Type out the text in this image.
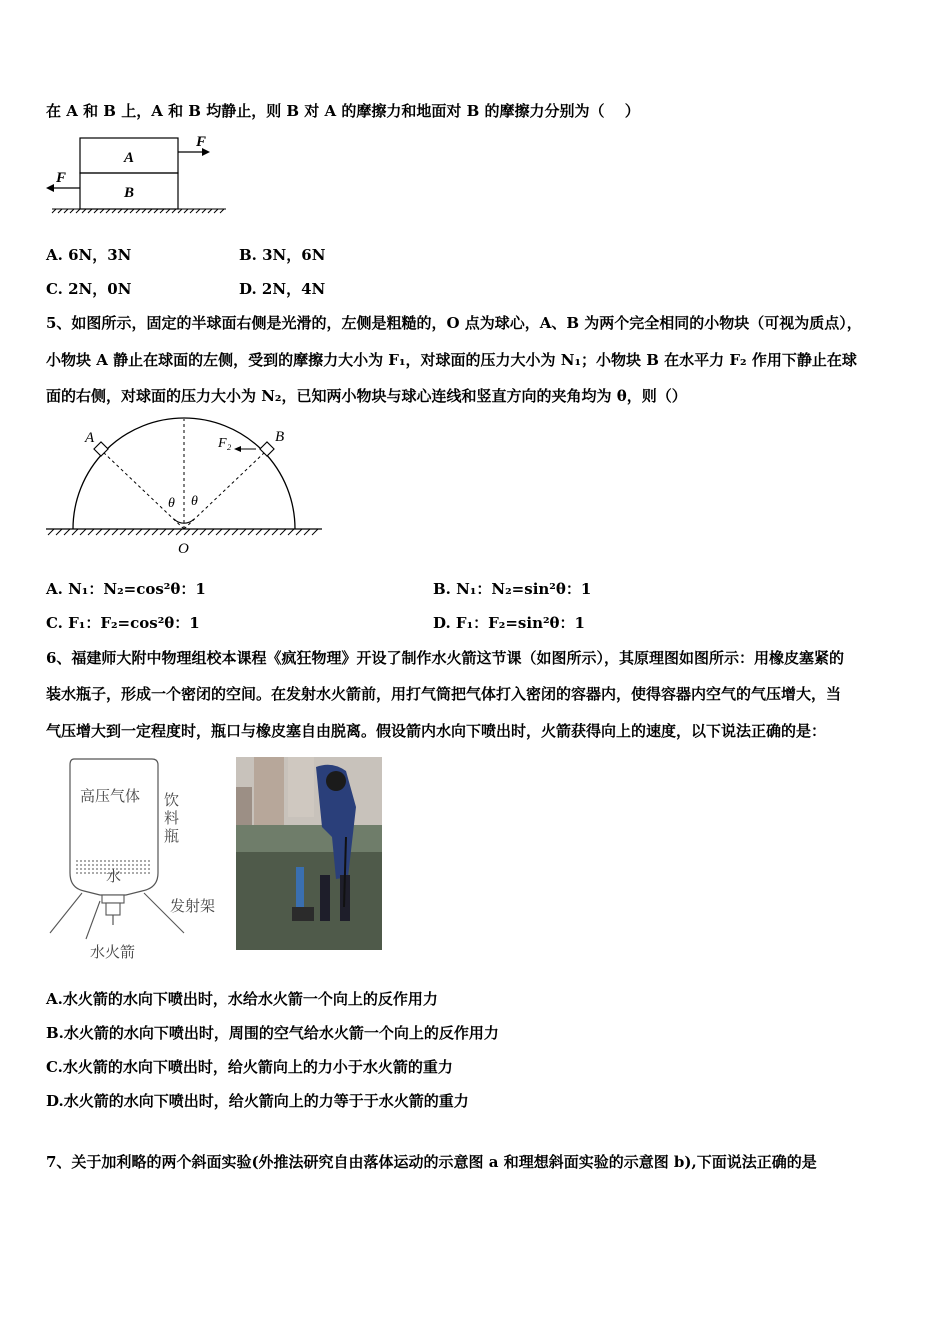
在 A 和 B 上，A 和 B 均静止，则 B 对 A 的摩擦力和地面对 B 的摩擦力分别为（　 ）
A
B
F
F
A. 6N，3N	B. 3N，6N
C. 2N，0N	D. 2N，4N
5、如图所示，固定的半球面右侧是光滑的，左侧是粗糙的，O 点为球心，A、B 为两个完全相同的小物块（可视为质点），
小物块 A 静止在球面的左侧，受到的摩擦力大小为 F₁，对球面的压力大小为 N₁；小物块 B 在水平力 F₂ 作用下静止在球
面的右侧，对球面的压力大小为 N₂，已知两小物块与球心连线和竖直方向的夹角均为 θ，则（）
A	B
F₂
θ θ
O
A. N₁：N₂=cos²θ：1	B. N₁：N₂=sin²θ：1
C. F₁：F₂=cos²θ：1	D. F₁：F₂=sin²θ：1
6、福建师大附中物理组校本课程《疯狂物理》开设了制作水火箭这节课（如图所示），其原理图如图所示：用橡皮塞紧的
装水瓶子，形成一个密闭的空间。在发射水火箭前，用打气筒把气体打入密闭的容器内，使得容器内空气的气压增大，当
气压增大到一定程度时，瓶口与橡皮塞自由脱离。假设箭内水向下喷出时，火箭获得向上的速度，以下说法正确的是：
高压气体
水
饮
料
瓶
发射架
水火箭
A.水火箭的水向下喷出时，水给水火箭一个向上的反作用力
B.水火箭的水向下喷出时，周围的空气给水火箭一个向上的反作用力
C.水火箭的水向下喷出时，给火箭向上的力小于水火箭的重力
D.水火箭的水向下喷出时，给火箭向上的力等于于水火箭的重力
7、关于加利略的两个斜面实验(外推法研究自由落体运动的示意图 a 和理想斜面实验的示意图 b),下面说法正确的是
